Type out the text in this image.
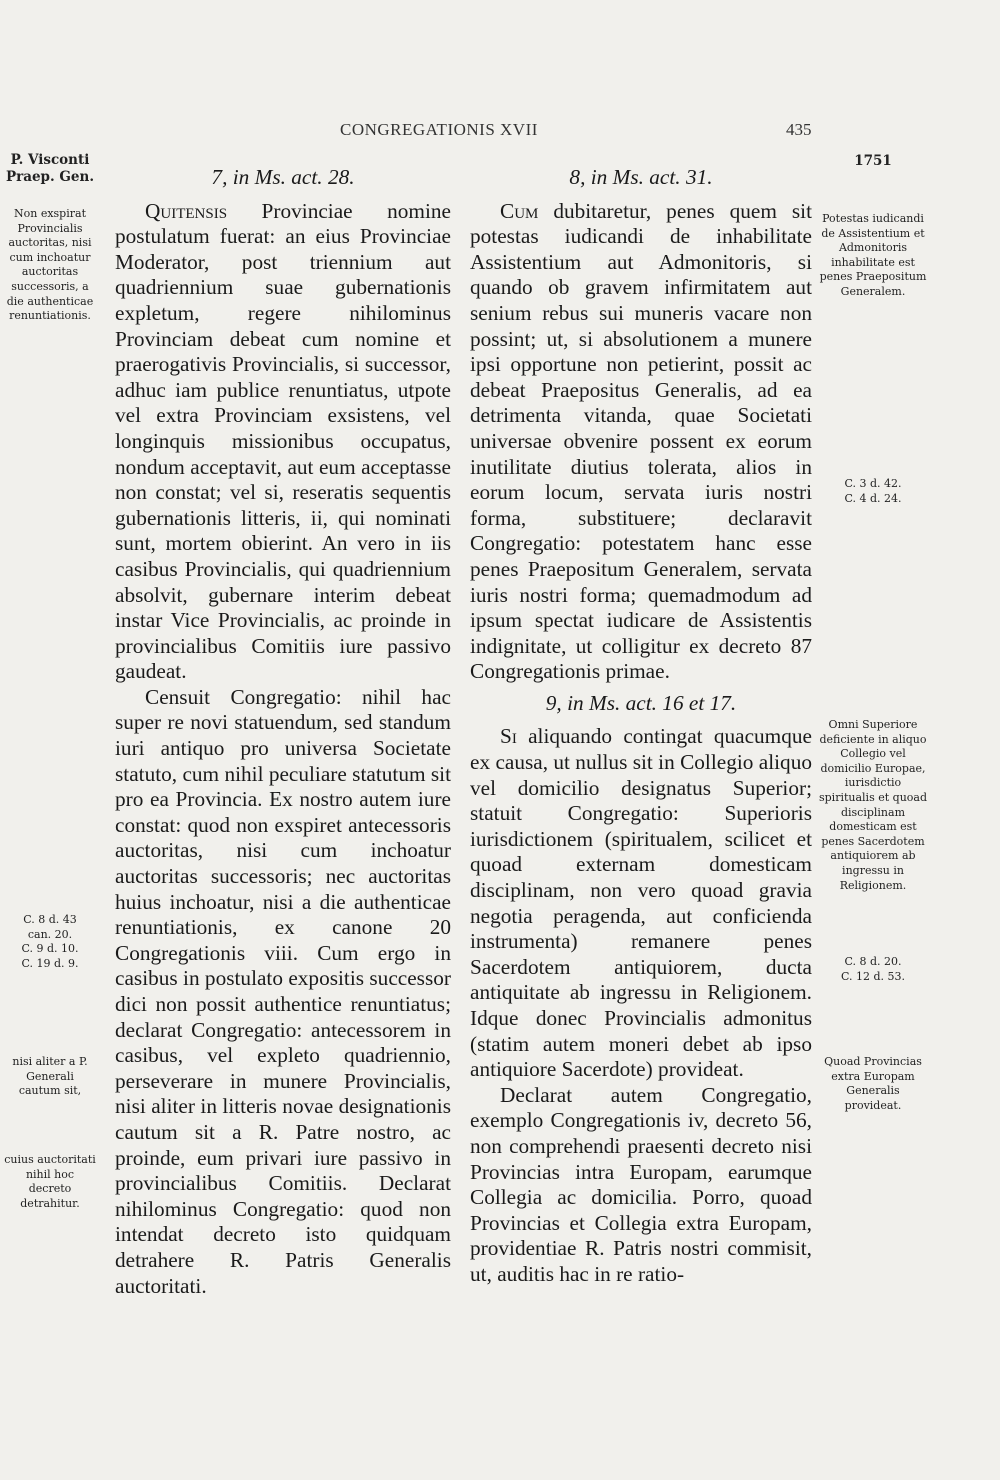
CONGREGATIONIS XVII	435
P. Visconti
Praep. Gen.
Non exspirat Provincialis auctoritas, nisi cum inchoatur auctoritas successoris, a die authenticae renuntiationis.
C. 8 d. 43
can. 20.
C. 9 d. 10.
C. 19 d. 9.
nisi aliter a P. Generali cautum sit,
cuius auctoritati nihil hoc decreto detrahitur.
1751
Potestas iudicandi de Assistentium et Admonitoris inhabilitate est penes Praepositum Generalem.
C. 3 d. 42.
C. 4 d. 24.
Omni Superiore deficiente in aliquo Collegio vel domicilio Europae, iurisdictio spiritualis et quoad disciplinam domesticam est penes Sacerdotem antiquiorem ab ingressu in Religionem.
C. 8 d. 20.
C. 12 d. 53.
Quoad Provincias extra Europam Generalis provideat.

7, in Ms. act. 28.

Quitensis Provinciae nomine postulatum fuerat: an eius Provinciae Moderator, post triennium aut quadriennium suae gubernationis expletum, regere nihilominus Provinciam debeat cum nomine et praerogativis Provincialis, si successor, adhuc iam publice renuntiatus, utpote vel extra Provinciam exsistens, vel longinquis missionibus occupatus, nondum acceptavit, aut eum acceptasse non constat; vel si, reseratis sequentis gubernationis litteris, ii, qui nominati sunt, mortem obierint. An vero in iis casibus Provincialis, qui quadriennium absolvit, gubernare interim debeat instar Vice Provincialis, ac proinde in provincialibus Comitiis iure passivo gaudeat.

Censuit Congregatio: nihil hac super re novi statuendum, sed standum iuri antiquo pro universa Societate statuto, cum nihil peculiare statutum sit pro ea Provincia. Ex nostro autem iure constat: quod non exspiret antecessoris auctoritas, nisi cum inchoatur auctoritas successoris; nec auctoritas huius inchoatur, nisi a die authenticae renuntiationis, ex canone 20 Congregationis viii. Cum ergo in casibus in postulato expositis successor dici non possit authentice renuntiatus; declarat Congregatio: antecessorem in casibus, vel expleto quadriennio, perseverare in munere Provincialis, nisi aliter in litteris novae designationis cautum sit a R. Patre nostro, ac proinde, eum privari iure passivo in provincialibus Comitiis. Declarat nihilominus Congregatio: quod non intendat decreto isto quidquam detrahere R. Patris Generalis auctoritati.

8, in Ms. act. 31.

Cum dubitaretur, penes quem sit potestas iudicandi de inhabilitate Assistentium aut Admonitoris, si quando ob gravem infirmitatem aut senium rebus sui muneris vacare non possint; ut, si absolutionem a munere ipsi opportune non petierint, possit ac debeat Praepositus Generalis, ad ea detrimenta vitanda, quae Societati universae obvenire possent ex eorum inutilitate diutius tolerata, alios in eorum locum, servata iuris nostri forma, substituere; declaravit Congregatio: potestatem hanc esse penes Praepositum Generalem, servata iuris nostri forma; quemadmodum ad ipsum spectat iudicare de Assistentis indignitate, ut colligitur ex decreto 87 Congregationis primae.

9, in Ms. act. 16 et 17.

Si aliquando contingat quacumque ex causa, ut nullus sit in Collegio aliquo vel domicilio designatus Superior; statuit Congregatio: Superioris iurisdictionem (spiritualem, scilicet et quoad externam domesticam disciplinam, non vero quoad gravia negotia peragenda, aut conficienda instrumenta) remanere penes Sacerdotem antiquiorem, ducta antiquitate ab ingressu in Religionem. Idque donec Provincialis admonitus (statim autem moneri debet ab ipso antiquiore Sacerdote) provideat.

Declarat autem Congregatio, exemplo Congregationis iv, decreto 56, non comprehendi praesenti decreto nisi Provincias intra Europam, earumque Collegia ac domicilia. Porro, quoad Provincias et Collegia extra Europam, providentiae R. Patris nostri commisit, ut, auditis hac in re ratio-
